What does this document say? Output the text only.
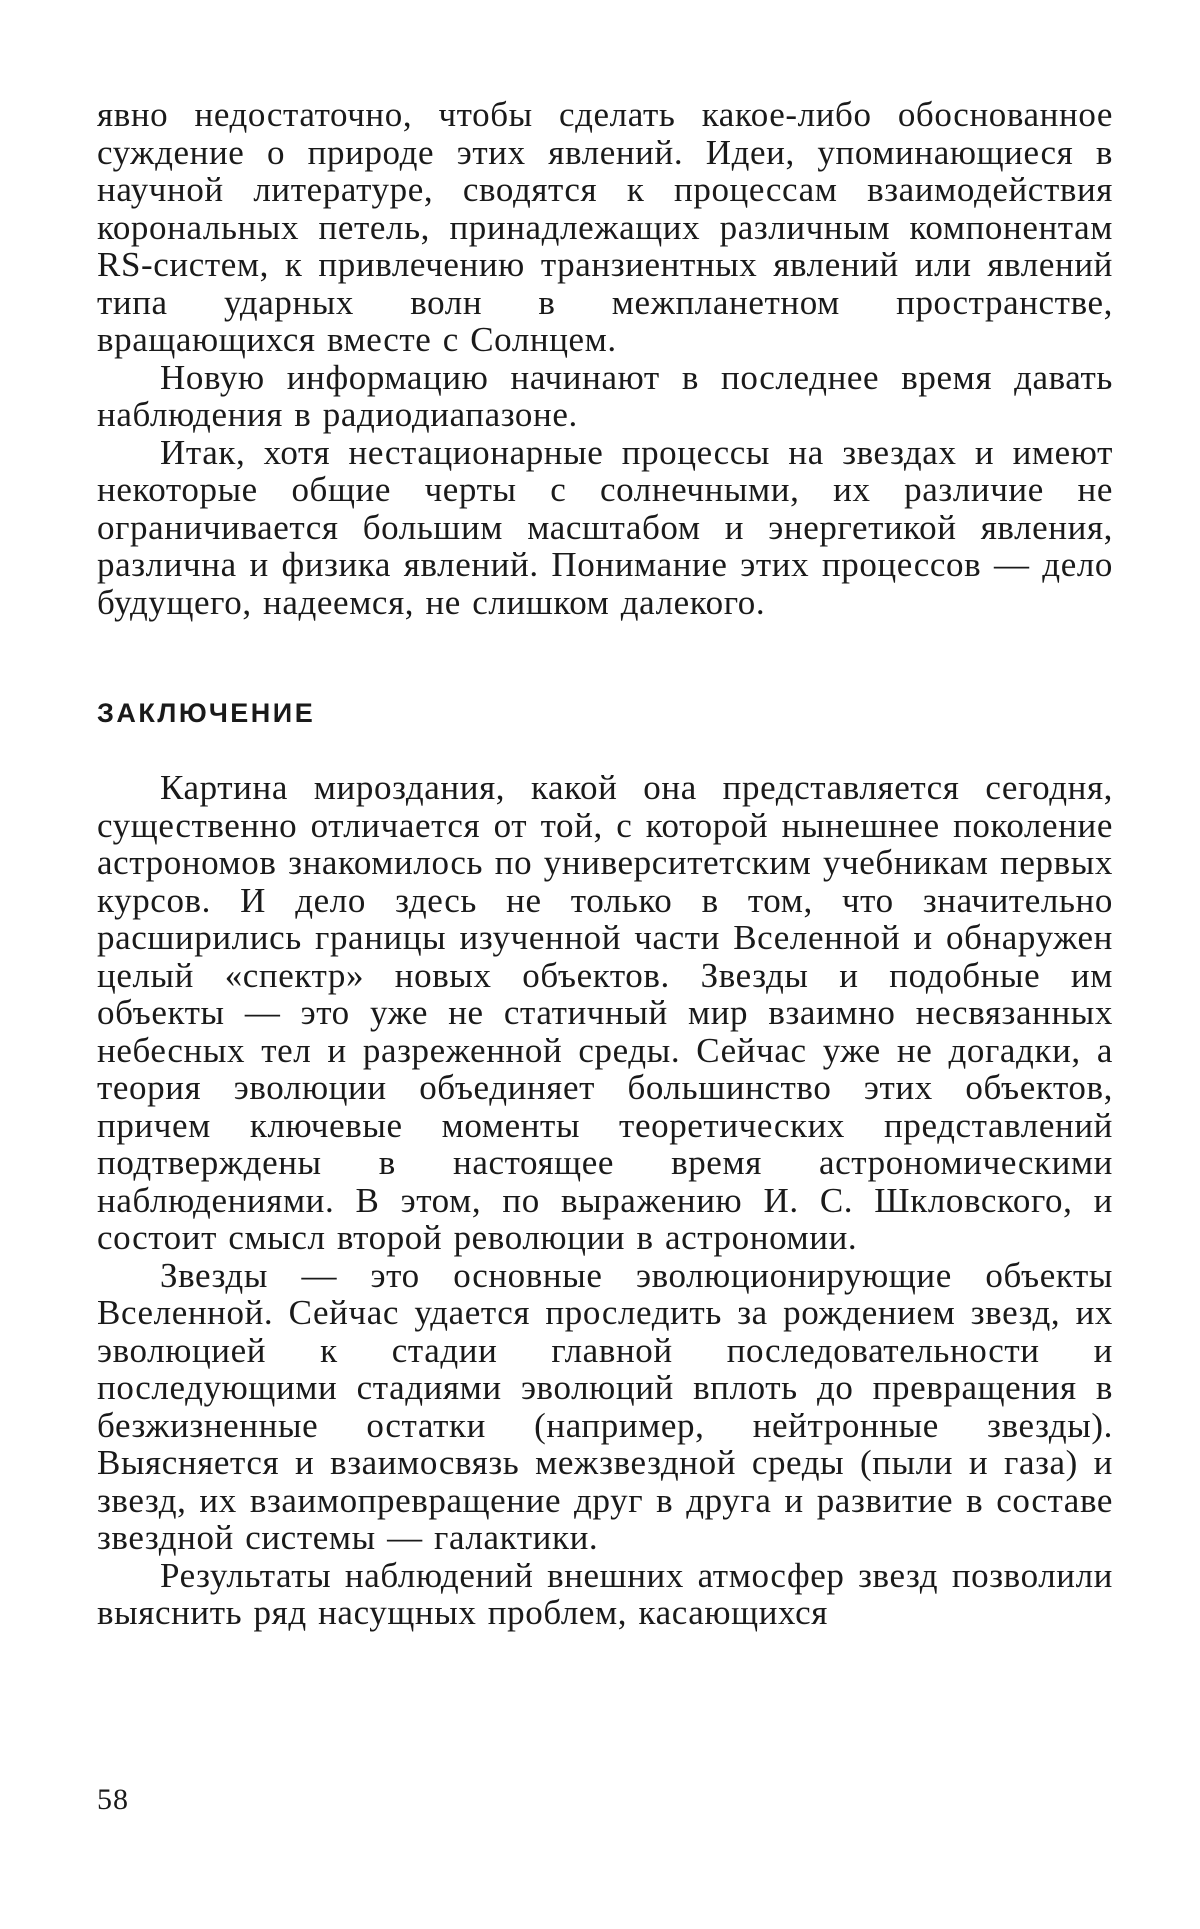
явно недостаточно, чтобы сделать какое-либо обоснованное суждение о природе этих явлений. Идеи, упоминающиеся в научной литературе, сводятся к процессам взаимодействия корональных петель, принадлежащих различным компонентам RS-систем, к привлечению транзиентных явлений или явлений типа ударных волн в межпланетном пространстве, вращающихся вместе с Солнцем.

Новую информацию начинают в последнее время давать наблюдения в радиодиапазоне.

Итак, хотя нестационарные процессы на звездах и имеют некоторые общие черты с солнечными, их различие не ограничивается большим масштабом и энергетикой явления, различна и физика явлений. Понимание этих процессов — дело будущего, надеемся, не слишком далекого.

ЗАКЛЮЧЕНИЕ

Картина мироздания, какой она представляется сегодня, существенно отличается от той, с которой нынешнее поколение астрономов знакомилось по университетским учебникам первых курсов. И дело здесь не только в том, что значительно расширились границы изученной части Вселенной и обнаружен целый «спектр» новых объектов. Звезды и подобные им объекты — это уже не статичный мир взаимно несвязанных небесных тел и разреженной среды. Сейчас уже не догадки, а теория эволюции объединяет большинство этих объектов, причем ключевые моменты теоретических представлений подтверждены в настоящее время астрономическими наблюдениями. В этом, по выражению И. С. Шкловского, и состоит смысл второй революции в астрономии.

Звезды — это основные эволюционирующие объекты Вселенной. Сейчас удается проследить за рождением звезд, их эволюцией к стадии главной последовательности и последующими стадиями эволюций вплоть до превращения в безжизненные остатки (например, нейтронные звезды). Выясняется и взаимосвязь межзвездной среды (пыли и газа) и звезд, их взаимопревращение друг в друга и развитие в составе звездной системы — галактики.

Результаты наблюдений внешних атмосфер звезд позволили выяснить ряд насущных проблем, касающихся

58
